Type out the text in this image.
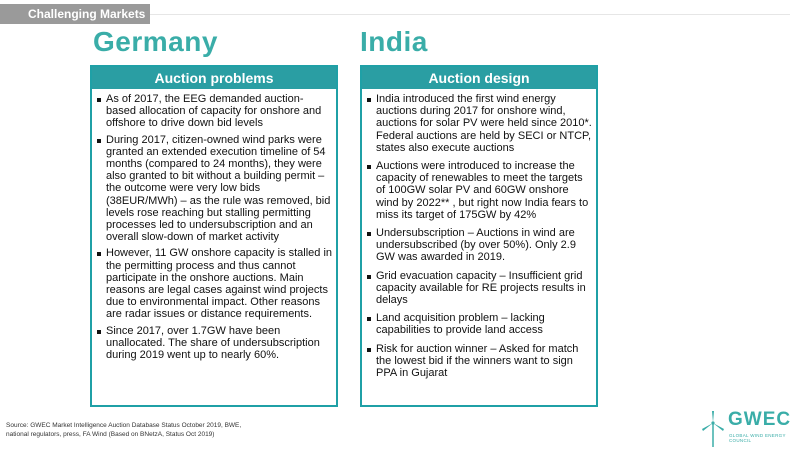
Challenging Markets
Germany	India
Auction problems
As of 2017, the EEG demanded auction-based allocation of capacity for onshore and offshore to drive down bid levels
During 2017, citizen-owned wind parks were granted an extended execution timeline of 54 months (compared to 24 months), they were also granted to bit without a building permit – the outcome were very low bids (38EUR/MWh) – as the rule was removed, bid levels rose reaching but stalling permitting processes led to undersubscription and an overall slow-down of market activity
However, 11 GW onshore capacity is stalled in the permitting process and thus cannot participate in the onshore auctions. Main reasons are legal cases against wind projects due to environmental impact. Other reasons are radar issues or distance requirements.
Since 2017, over 1.7GW have been unallocated. The share of undersubscription during 2019 went up to nearly 60%.
Auction design
India introduced the first wind energy auctions during 2017 for onshore wind, auctions for solar PV were held since 2010*. Federal auctions are held by SECI or NTCP, states also execute auctions
Auctions were introduced to increase the capacity of renewables to meet the targets of 100GW solar PV and 60GW onshore wind by 2022** , but right now India fears to miss its target of 175GW by 42%
Undersubscription – Auctions in wind are undersubscribed (by over 50%). Only 2.9 GW was awarded in 2019.
Grid evacuation capacity – Insufficient grid capacity available for RE projects results in delays
Land acquisition problem – lacking capabilities to provide land access
Risk for auction winner – Asked for match the lowest bid if the winners want to sign PPA in Gujarat
Source: GWEC Market Intelligence Auction Database Status October 2019, BWE,
national regulators, press, FA Wind (Based on BNetzA, Status Oct 2019)
GWEC
GLOBAL WIND ENERGY COUNCIL
